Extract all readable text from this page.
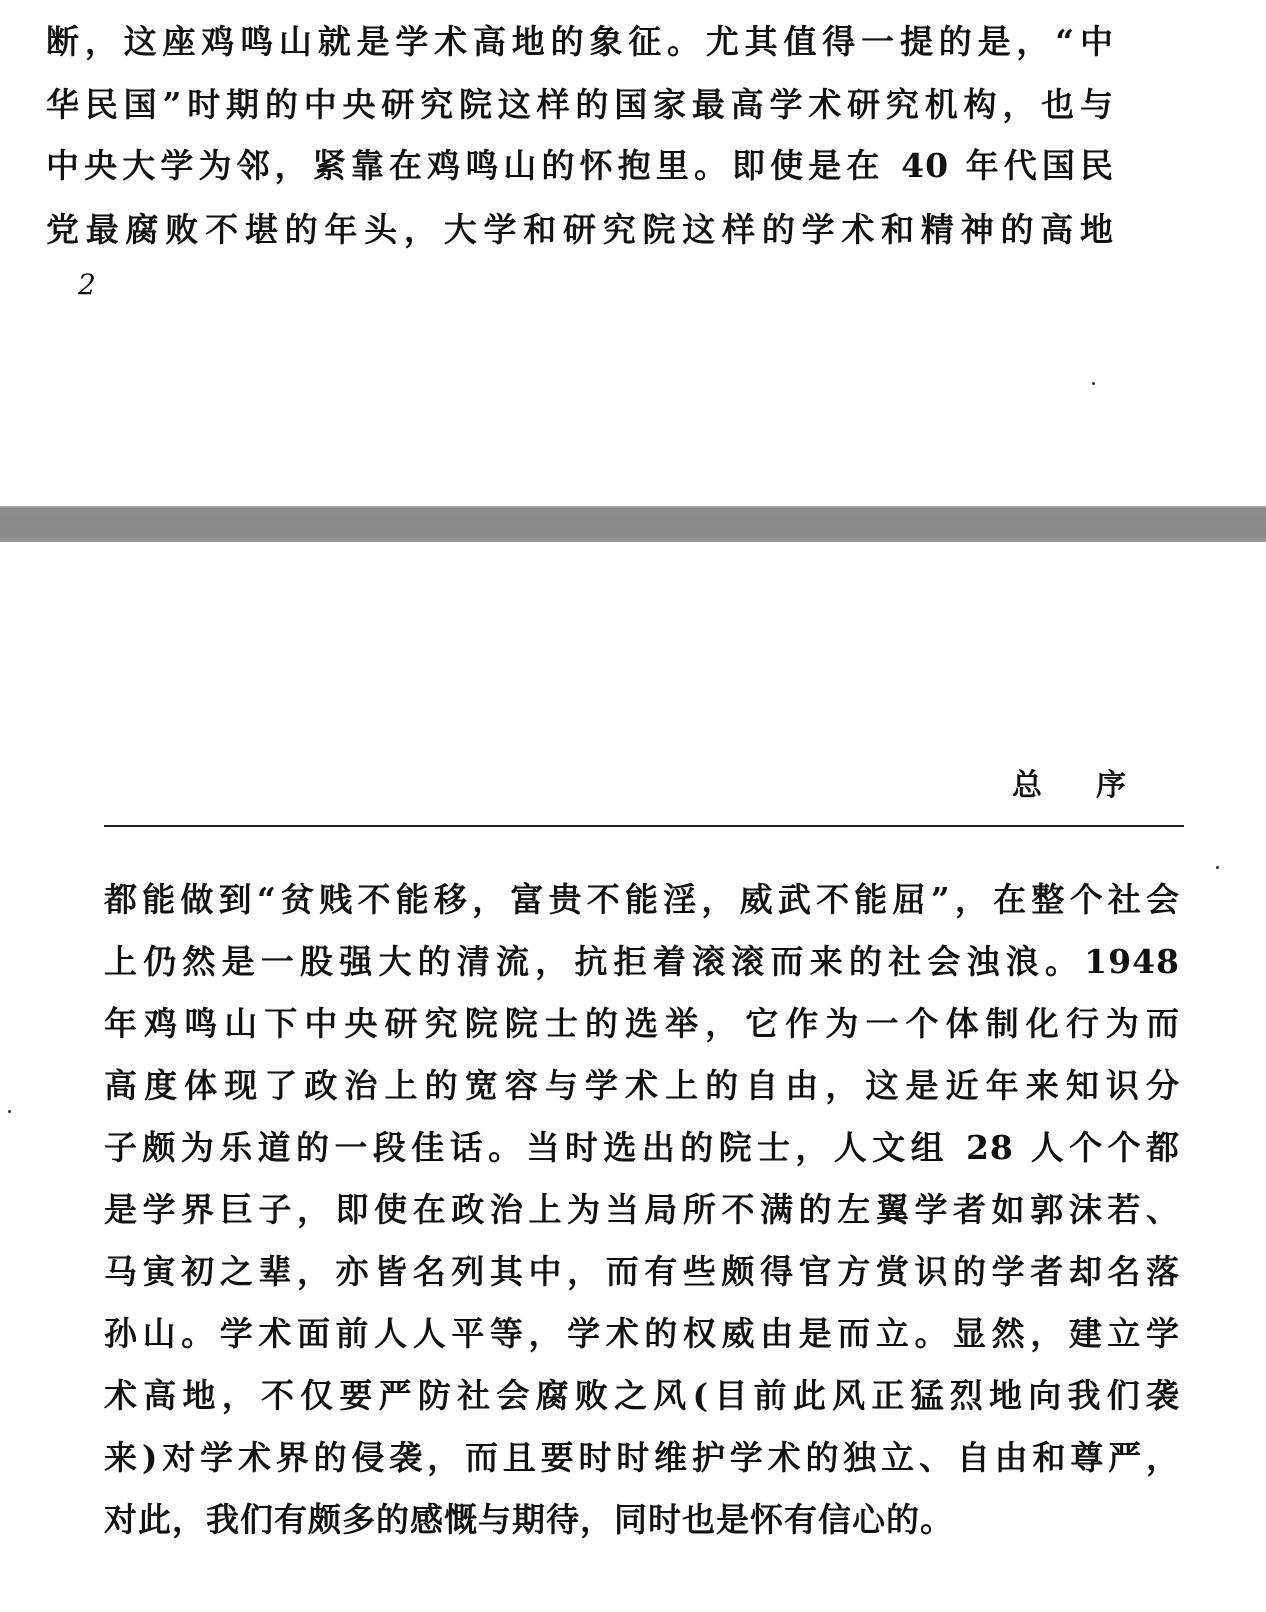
断，这座鸡鸣山就是学术高地的象征。尤其值得一提的是，“中
华民国”时期的中央研究院这样的国家最高学术研究机构，也与
中央大学为邻，紧靠在鸡鸣山的怀抱里。即使是在 40 年代国民
党最腐败不堪的年头，大学和研究院这样的学术和精神的高地
2
总序
都能做到“贫贱不能移，富贵不能淫，威武不能屈”，在整个社会
上仍然是一股强大的清流，抗拒着滚滚而来的社会浊浪。1948
年鸡鸣山下中央研究院院士的选举，它作为一个体制化行为而
高度体现了政治上的宽容与学术上的自由，这是近年来知识分
子颇为乐道的一段佳话。当时选出的院士，人文组 28 人个个都
是学界巨子，即使在政治上为当局所不满的左翼学者如郭沫若、
马寅初之辈，亦皆名列其中，而有些颇得官方赏识的学者却名落
孙山。学术面前人人平等，学术的权威由是而立。显然，建立学
术高地，不仅要严防社会腐败之风(目前此风正猛烈地向我们袭
来)对学术界的侵袭，而且要时时维护学术的独立、自由和尊严，
对此，我们有颇多的感慨与期待，同时也是怀有信心的。
